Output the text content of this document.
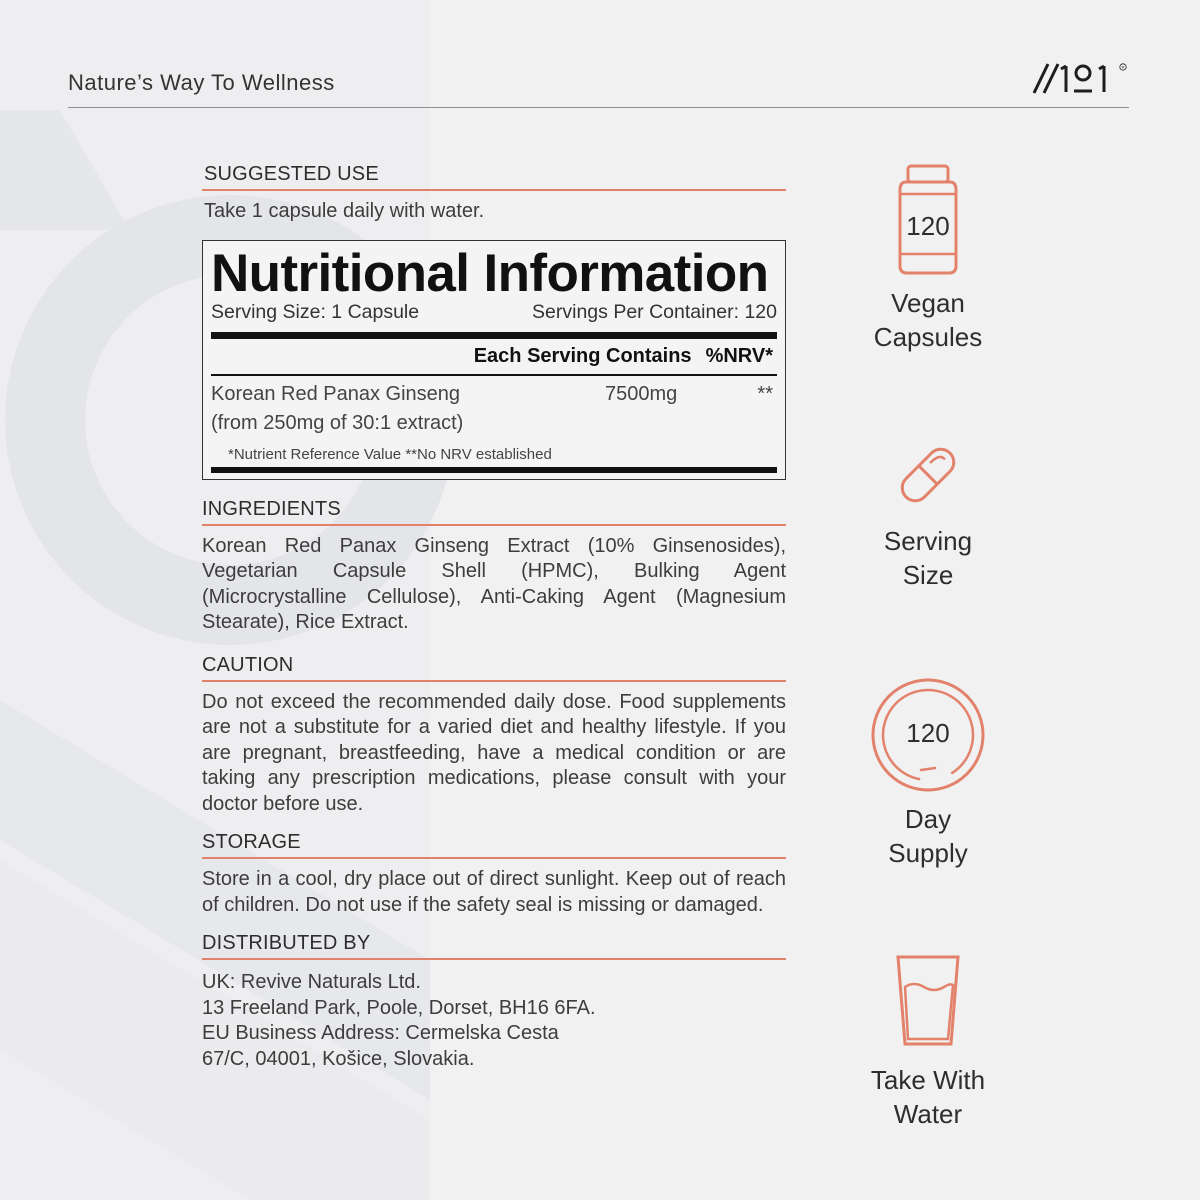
Nature’s Way To Wellness
R
SUGGESTED USE
Take 1 capsule daily with water.
Nutritional Information
Serving Size: 1 Capsule	Servings Per Container: 120
Each Serving Contains %NRV*
Korean Red Panax Ginseng
(from 250mg of 30:1 extract)
7500mg	**
*Nutrient Reference Value **No NRV established
INGREDIENTS
Korean Red Panax Ginseng Extract (10% Ginsenosides), Vegetarian Capsule Shell (HPMC), Bulking Agent (Microcrystalline Cellulose), Anti-Caking Agent (Magnesium Stearate), Rice Extract.
CAUTION
Do not exceed the recommended daily dose. Food supplements are not a substitute for a varied diet and healthy lifestyle. If you are pregnant, breastfeeding, have a medical condition or are taking any prescription medications, please consult with your doctor before use.
STORAGE
Store in a cool, dry place out of direct sunlight. Keep out of reach of children. Do not use if the safety seal is missing or damaged.
DISTRIBUTED BY
UK: Revive Naturals Ltd.
13 Freeland Park, Poole, Dorset, BH16 6FA.
EU Business Address: Cermelska Cesta
67/C, 04001, Košice, Slovakia.
120
Vegan
Capsules
Serving
Size
120
Day
Supply
Take With
Water
